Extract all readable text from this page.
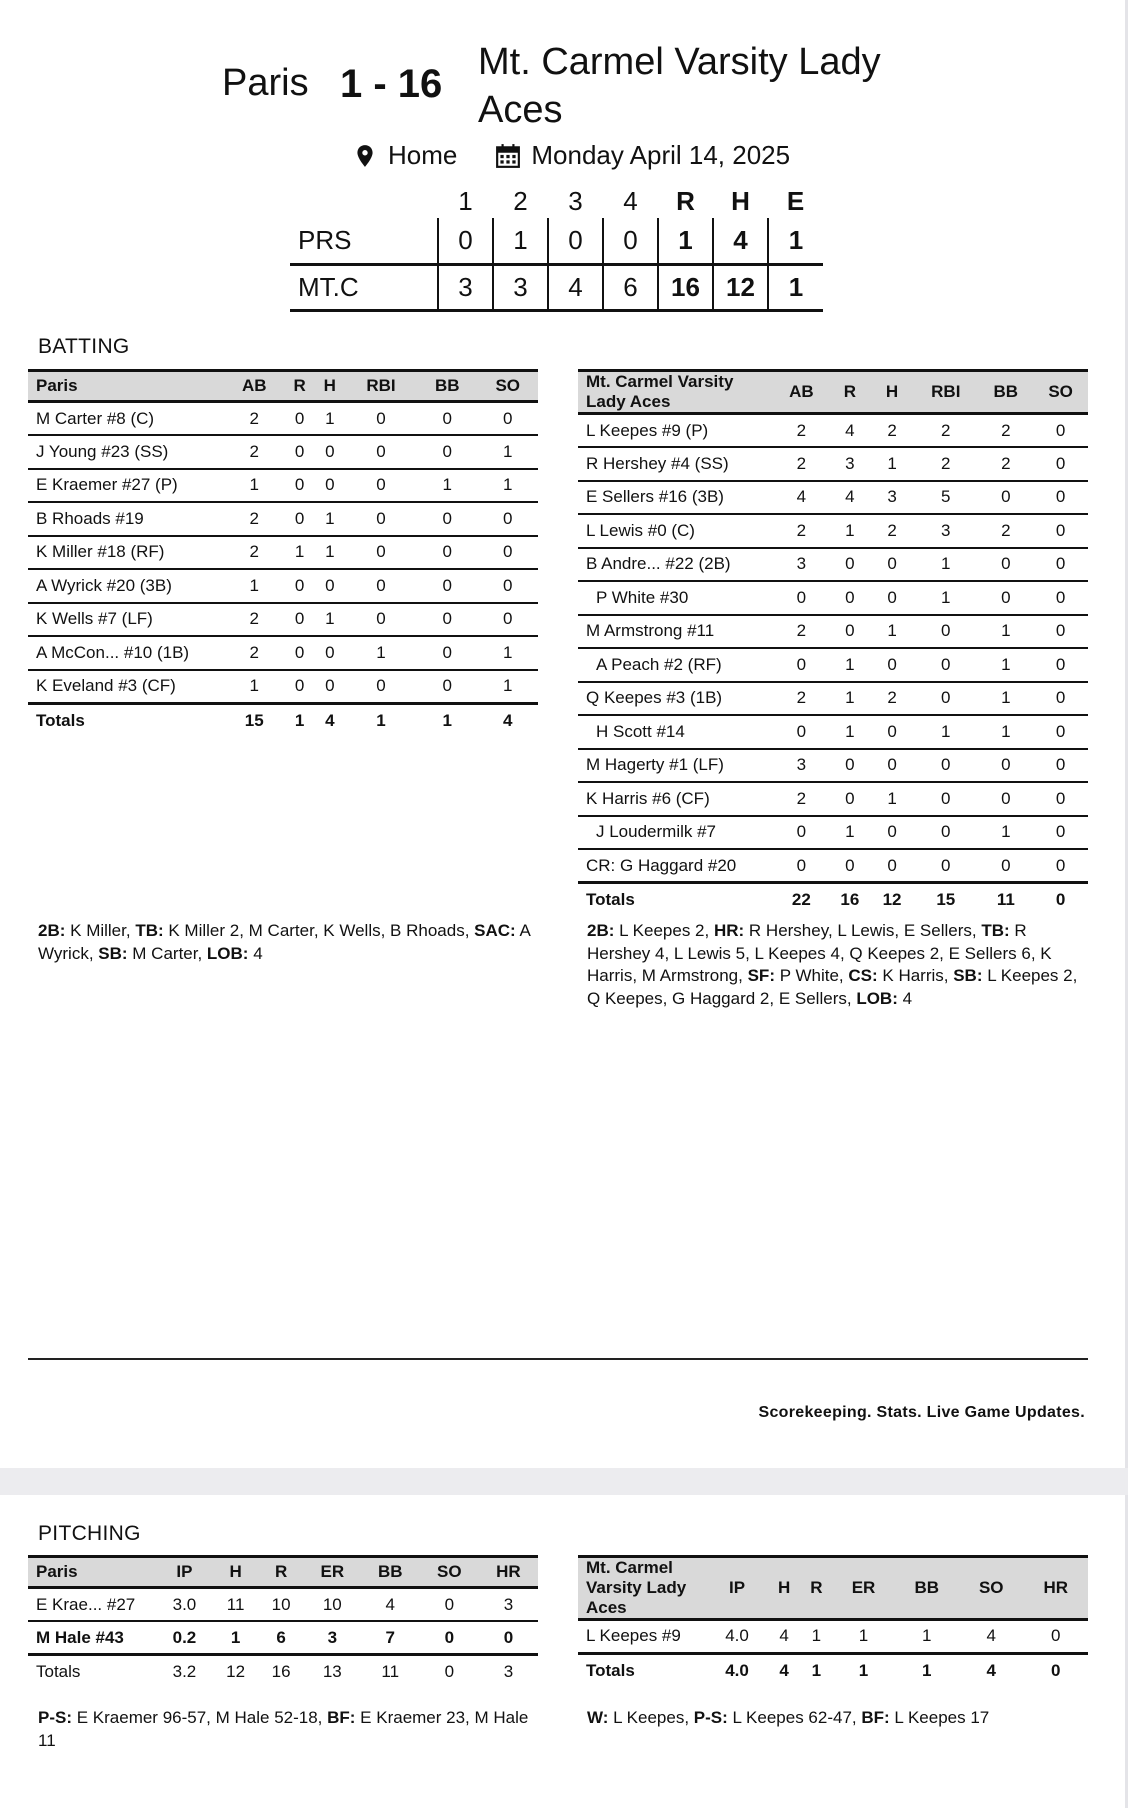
Paris 1 - 16 Mt. Carmel Varsity Lady Aces
Home	Monday April 14, 2025
	1	2	3	4	R	H	E
PRS	0	1	0	0	1	4	1
MT.C	3	3	4	6	16	12	1
BATTING
Paris	AB	R	H	RBI	BB	SO
M Carter #8 (C)	2	0	1	0	0	0
J Young #23 (SS)	2	0	0	0	0	1
E Kraemer #27 (P)	1	0	0	0	1	1
B Rhoads #19	2	0	1	0	0	0
K Miller #18 (RF)	2	1	1	0	0	0
A Wyrick #20 (3B)	1	0	0	0	0	0
K Wells #7 (LF)	2	0	1	0	0	0
A McCon... #10 (1B)	2	0	0	1	0	1
K Eveland #3 (CF)	1	0	0	0	0	1
Totals	15	1	4	1	1	4
Mt. Carmel Varsity Lady Aces	AB	R	H	RBI	BB	SO
L Keepes #9 (P)	2	4	2	2	2	0
R Hershey #4 (SS)	2	3	1	2	2	0
E Sellers #16 (3B)	4	4	3	5	0	0
L Lewis #0 (C)	2	1	2	3	2	0
B Andre... #22 (2B)	3	0	0	1	0	0
P White #30	0	0	0	1	0	0
M Armstrong #11	2	0	1	0	1	0
A Peach #2 (RF)	0	1	0	0	1	0
Q Keepes #3 (1B)	2	1	2	0	1	0
H Scott #14	0	1	0	1	1	0
M Hagerty #1 (LF)	3	0	0	0	0	0
K Harris #6 (CF)	2	0	1	0	0	0
J Loudermilk #7	0	1	0	0	1	0
CR: G Haggard #20	0	0	0	0	0	0
Totals	22	16	12	15	11	0
2B: K Miller, TB: K Miller 2, M Carter, K Wells, B Rhoads, SAC: A Wyrick, SB: M Carter, LOB: 4
2B: L Keepes 2, HR: R Hershey, L Lewis, E Sellers, TB: R Hershey 4, L Lewis 5, L Keepes 4, Q Keepes 2, E Sellers 6, K Harris, M Armstrong, SF: P White, CS: K Harris, SB: L Keepes 2, Q Keepes, G Haggard 2, E Sellers, LOB: 4
Scorekeeping. Stats. Live Game Updates.
PITCHING
Paris	IP	H	R	ER	BB	SO	HR
E Krae... #27	3.0	11	10	10	4	0	3
M Hale #43	0.2	1	6	3	7	0	0
Totals	3.2	12	16	13	11	0	3
Mt. Carmel Varsity Lady Aces	IP	H	R	ER	BB	SO	HR
L Keepes #9	4.0	4	1	1	1	4	0
Totals	4.0	4	1	1	1	4	0
P-S: E Kraemer 96-57, M Hale 52-18, BF: E Kraemer 23, M Hale 11
W: L Keepes, P-S: L Keepes 62-47, BF: L Keepes 17
